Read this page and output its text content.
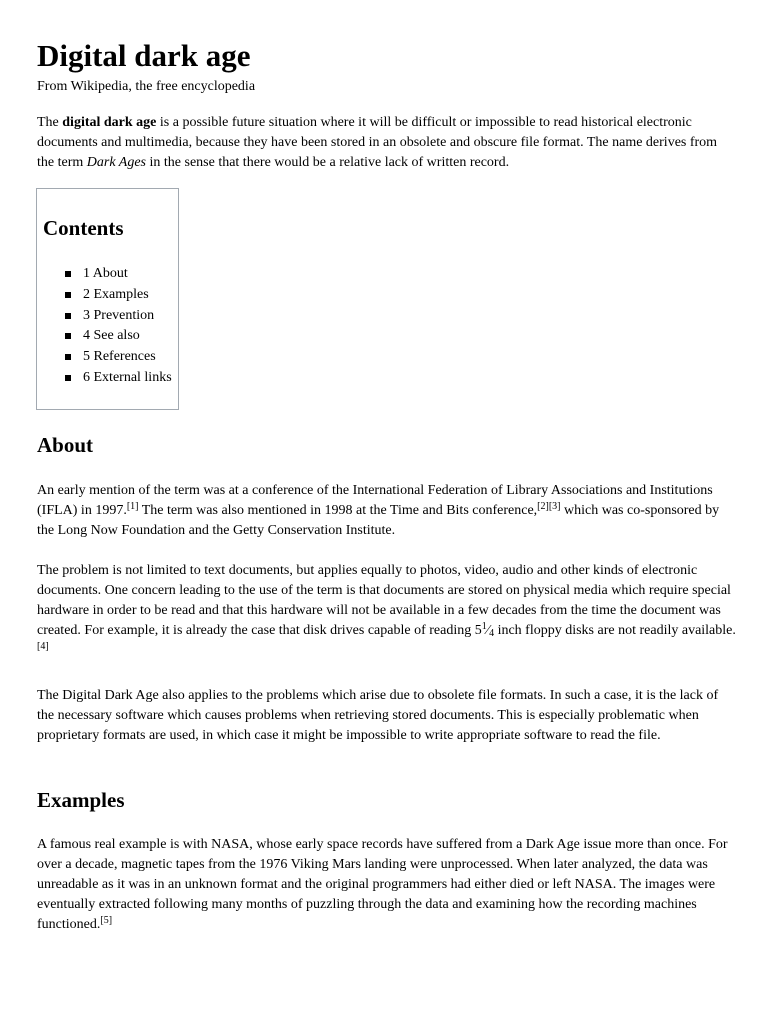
Digital dark age

From Wikipedia, the free encyclopedia

The digital dark age is a possible future situation where it will be difficult or impossible to read historical electronic documents and multimedia, because they have been stored in an obsolete and obscure file format. The name derives from the term Dark Ages in the sense that there would be a relative lack of written record.

Contents

1 About
2 Examples
3 Prevention
4 See also
5 References
6 External links
About

An early mention of the term was at a conference of the International Federation of Library Associations and Institutions (IFLA) in 1997.[1] The term was also mentioned in 1998 at the Time and Bits conference,[2][3] which was co-sponsored by the Long Now Foundation and the Getty Conservation Institute.

The problem is not limited to text documents, but applies equally to photos, video, audio and other kinds of electronic documents. One concern leading to the use of the term is that documents are stored on physical media which require special hardware in order to be read and that this hardware will not be available in a few decades from the time the document was created. For example, it is already the case that disk drives capable of reading $5^1⁄4$ inch floppy disks are not readily available.[4]

The Digital Dark Age also applies to the problems which arise due to obsolete file formats. In such a case, it is the lack of the necessary software which causes problems when retrieving stored documents. This is especially problematic when proprietary formats are used, in which case it might be impossible to write appropriate software to read the file.

Examples

A famous real example is with NASA, whose early space records have suffered from a Dark Age issue more than once. For over a decade, magnetic tapes from the 1976 Viking Mars landing were unprocessed. When later analyzed, the data was unreadable as it was in an unknown format and the original programmers had either died or left NASA. The images were eventually extracted following many months of puzzling through the data and examining how the recording machines functioned.[5]
